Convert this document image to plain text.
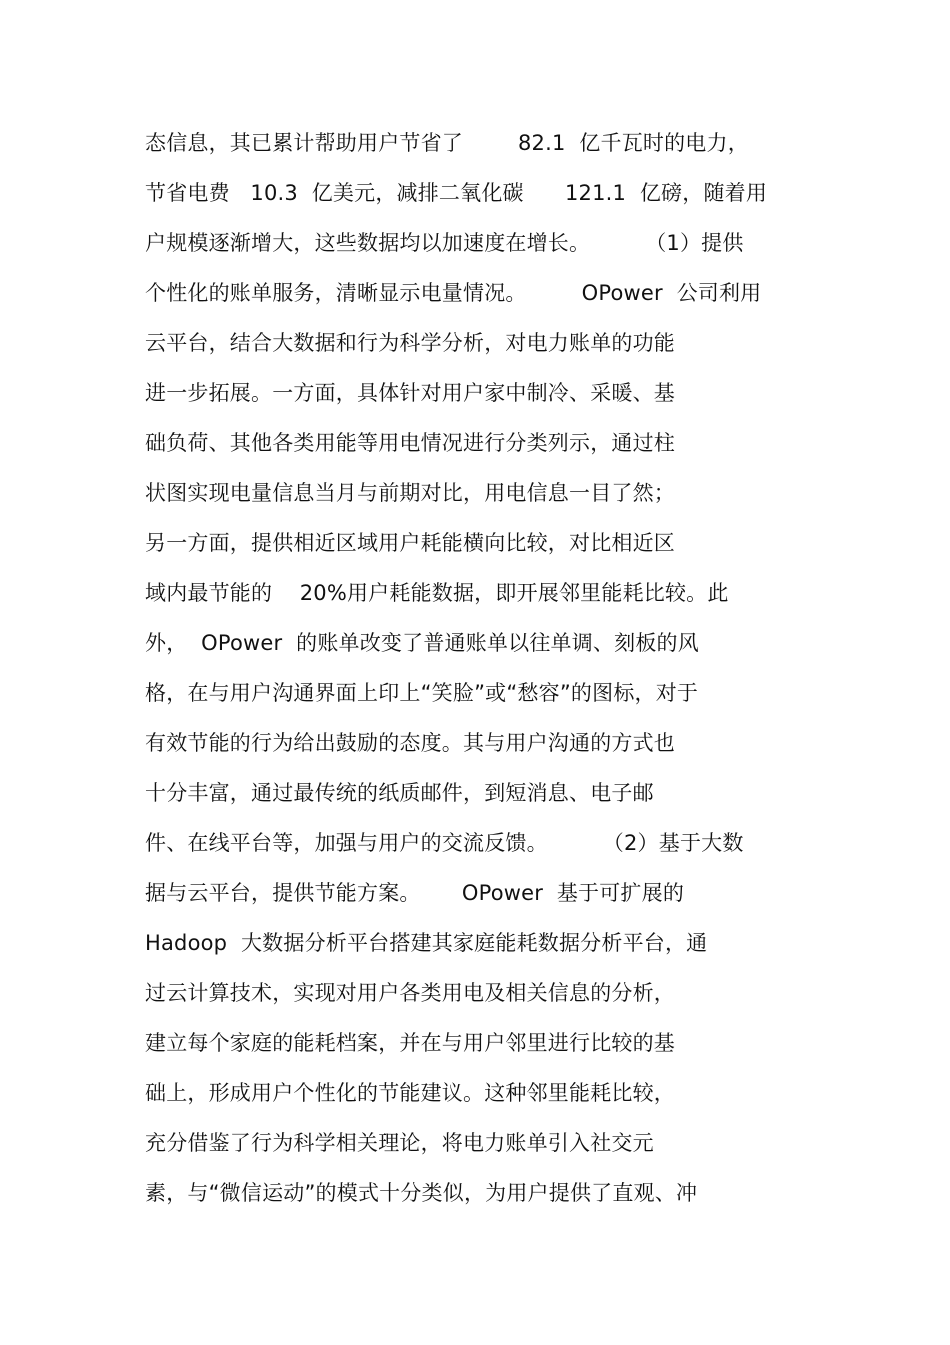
态信息，其已累计帮助用户节省了        82.1  亿千瓦时的电力，
节省电费   10.3  亿美元，减排二氧化碳      121.1  亿磅，随着用
户规模逐渐增大，这些数据均以加速度在增长。        （1）提供
个性化的账单服务，清晰显示电量情况。        OPower  公司利用
云平台，结合大数据和行为科学分析，对电力账单的功能
进一步拓展。一方面，具体针对用户家中制冷、采暖、基
础负荷、其他各类用能等用电情况进行分类列示，通过柱
状图实现电量信息当月与前期对比，用电信息一目了然；
另一方面，提供相近区域用户耗能横向比较，对比相近区
域内最节能的    20%用户耗能数据，即开展邻里能耗比较。此
外，  OPower  的账单改变了普通账单以往单调、刻板的风
格，在与用户沟通界面上印上“笑脸”或“愁容”的图标，对于
有效节能的行为给出鼓励的态度。其与用户沟通的方式也
十分丰富，通过最传统的纸质邮件，到短消息、电子邮
件、在线平台等，加强与用户的交流反馈。        （2）基于大数
据与云平台，提供节能方案。      OPower  基于可扩展的
Hadoop  大数据分析平台搭建其家庭能耗数据分析平台，通
过云计算技术，实现对用户各类用电及相关信息的分析，
建立每个家庭的能耗档案，并在与用户邻里进行比较的基
础上，形成用户个性化的节能建议。这种邻里能耗比较，
充分借鉴了行为科学相关理论，将电力账单引入社交元
素，与“微信运动”的模式十分类似，为用户提供了直观、冲
